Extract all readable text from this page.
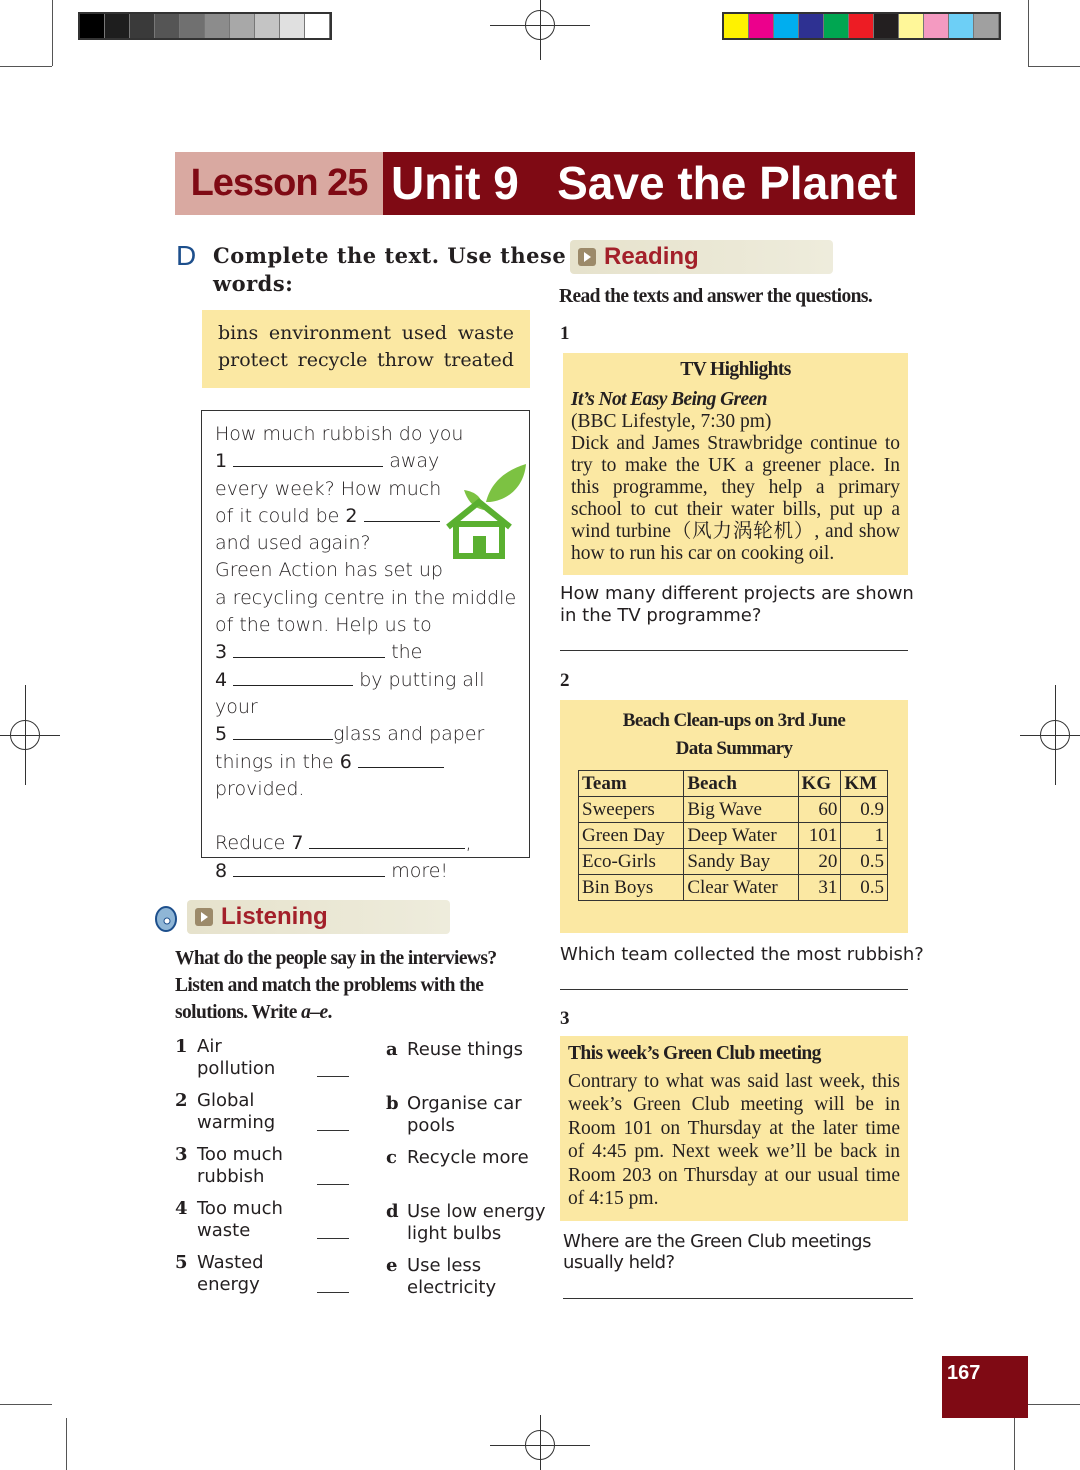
Lesson 25 Unit 9 Save the Planet
D Complete the text. Use these
words:
bins environment used waste
protect recycle throw treated

How much rubbish do you

1	away

every week? How much

of it could be 2

and used again?

Green Action has set up

a recycling centre in the middle

of the town. Help us to

3	the

4	by putting all your

5	glass and paper

things in the 6  provided.

Reduce 7	,

8	more!

Listening
What do the people say in the interviews?
Listen and match the problems with the
solutions. Write a–e.
1 Air
pollution
2 Global
warming
3 Too much
rubbish
4 Too much
waste
5 Wasted
energy
a Reuse things
b Organise car
pools
c Recycle more
d Use low energy
light bulbs
e Use less
electricity
Reading
Read the texts and answer the questions.
1
TV Highlights
It’s Not Easy Being Green
(BBC Lifestyle, 7:30 pm)
Dick and James Strawbridge continue to try to make the UK a greener place. In this programme, they help a primary school to cut their water bills, put up a wind turbine（风力涡轮机）, and show how to run his car on cooking oil.
How many different projects are shown in the TV programme?
2
Beach Clean-ups on 3rd June
Data Summary
Team	Beach	KG	KM
Sweepers	Big Wave	60	0.9
Green Day	Deep Water	101	1
Eco-Girls	Sandy Bay	20	0.5
Bin Boys	Clear Water	31	0.5
Which team collected the most rubbish?
3
This week’s Green Club meeting
Contrary to what was said last week, this week’s Green Club meeting will be in Room 101 on Thursday at the later time of 4:45 pm. Next week we’ll be back in Room 203 on Thursday at our usual time of 4:15 pm.
Where are the Green Club meetings usually held?
167
